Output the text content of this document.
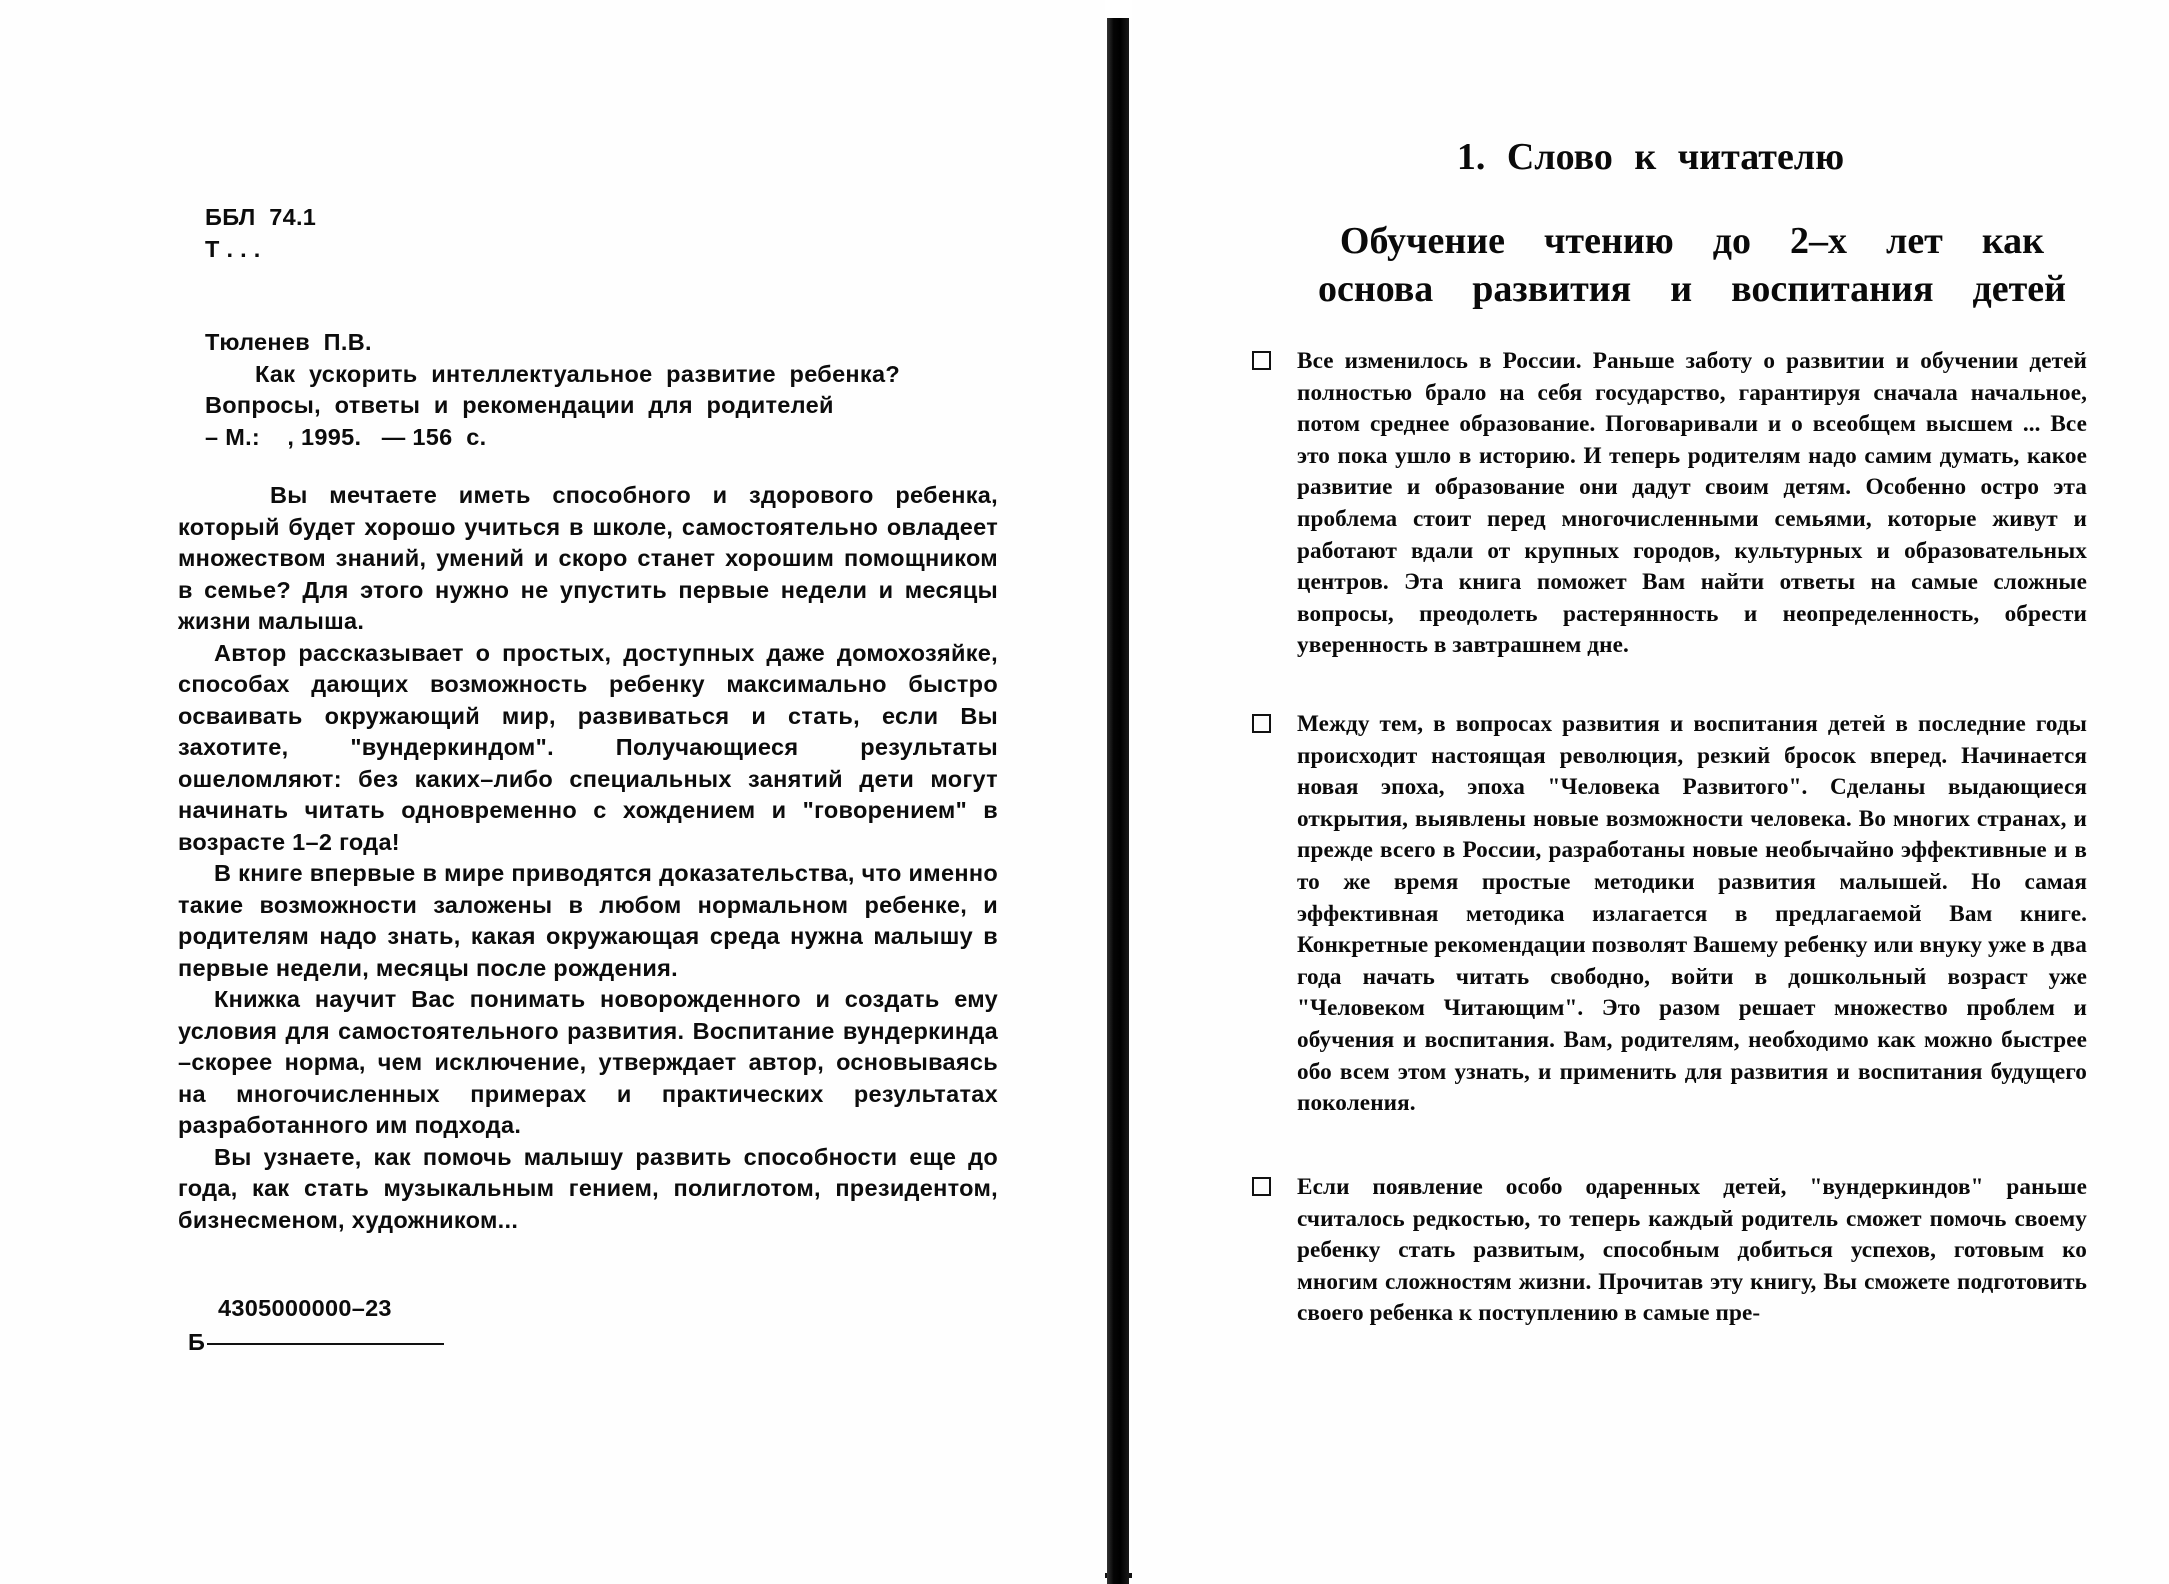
ББЛ  74.1
Т . . .
Тюленев  П.В.
Как  ускорить  интеллектуальное  развитие  ребенка?
Вопросы,  ответы  и  рекомендации  для  родителей
– М.:    , 1995.   — 156  с.

Вы мечтаете иметь способного и здорового ребенка, который будет хорошо учиться в школе, самостоятельно овладеет множеством знаний, умений и скоро станет хорошим помощником в семье? Для этого нужно не упустить первые недели и месяцы жизни малыша.

Автор рассказывает о простых, доступных даже домохозяйке, способах дающих возможность ребенку максимально быстро осваивать окружающий мир, развиваться и стать, если Вы захотите, "вундеркиндом". Получающиеся результаты ошеломляют: без каких–либо специальных занятий дети могут начинать читать одновременно с хождением и "говорением" в возрасте 1–2 года!

В книге впервые в мире приводятся доказательства, что именно такие возможности заложены в любом нормальном ребенке, и родителям надо знать, какая окружающая среда нужна малышу в первые недели, месяцы после рождения.

Книжка научит Вас понимать новорожденного и создать ему условия для самостоятельного развития. Воспитание вундеркинда –скорее норма, чем исключение, утверждает автор, основываясь на многочисленных примерах и практических результатах разработанного им подхода.

Вы узнаете, как помочь малышу развить способности еще до года, как стать музыкальным гением, полиглотом, президентом, бизнесменом, художником...

4305000000–23
Б
1. Слово к читателю
Обучение  чтению  до  2–х  лет  как
основа  развития  и  воспитания  детей

Все изменилось в России. Раньше заботу о развитии и обучении детей полностью брало на себя государство, гарантируя сначала начальное, потом среднее образование. Поговаривали и о всеобщем высшем ... Все это пока ушло в историю. И теперь родителям надо самим думать, какое развитие и образование они дадут своим детям. Особенно остро эта проблема стоит перед многочисленными семьями, которые живут и работают вдали от крупных городов, культурных и образовательных центров. Эта книга поможет Вам найти ответы на самые сложные вопросы, преодолеть растерянность и неопределенность, обрести уверенность в завтрашнем дне.

Между тем, в вопросах развития и воспитания детей в последние годы происходит настоящая революция, резкий бросок вперед. Начинается новая эпоха, эпоха "Человека Развитого". Сделаны выдающиеся открытия, выявлены новые возможности человека. Во многих странах, и прежде всего в России, разработаны новые необычайно эффективные и в то же время простые методики развития малышей. Но самая эффективная методика излагается в предлагаемой Вам книге. Конкретные рекомендации позволят Вашему ребенку или внуку уже в два года начать читать свободно, войти в дошкольный возраст уже "Человеком Читающим". Это разом решает множество проблем и обучения и воспитания. Вам, родителям, необходимо как можно быстрее обо всем этом узнать, и применить для развития и воспитания будущего поколения.

Если появление особо одаренных детей, "вундеркиндов" раньше считалось редкостью, то теперь каждый родитель сможет помочь своему ребенку стать развитым, способным добиться успехов, готовым ко многим сложностям жизни. Прочитав эту книгу, Вы сможете подготовить своего ребенка к поступлению в самые пре-
